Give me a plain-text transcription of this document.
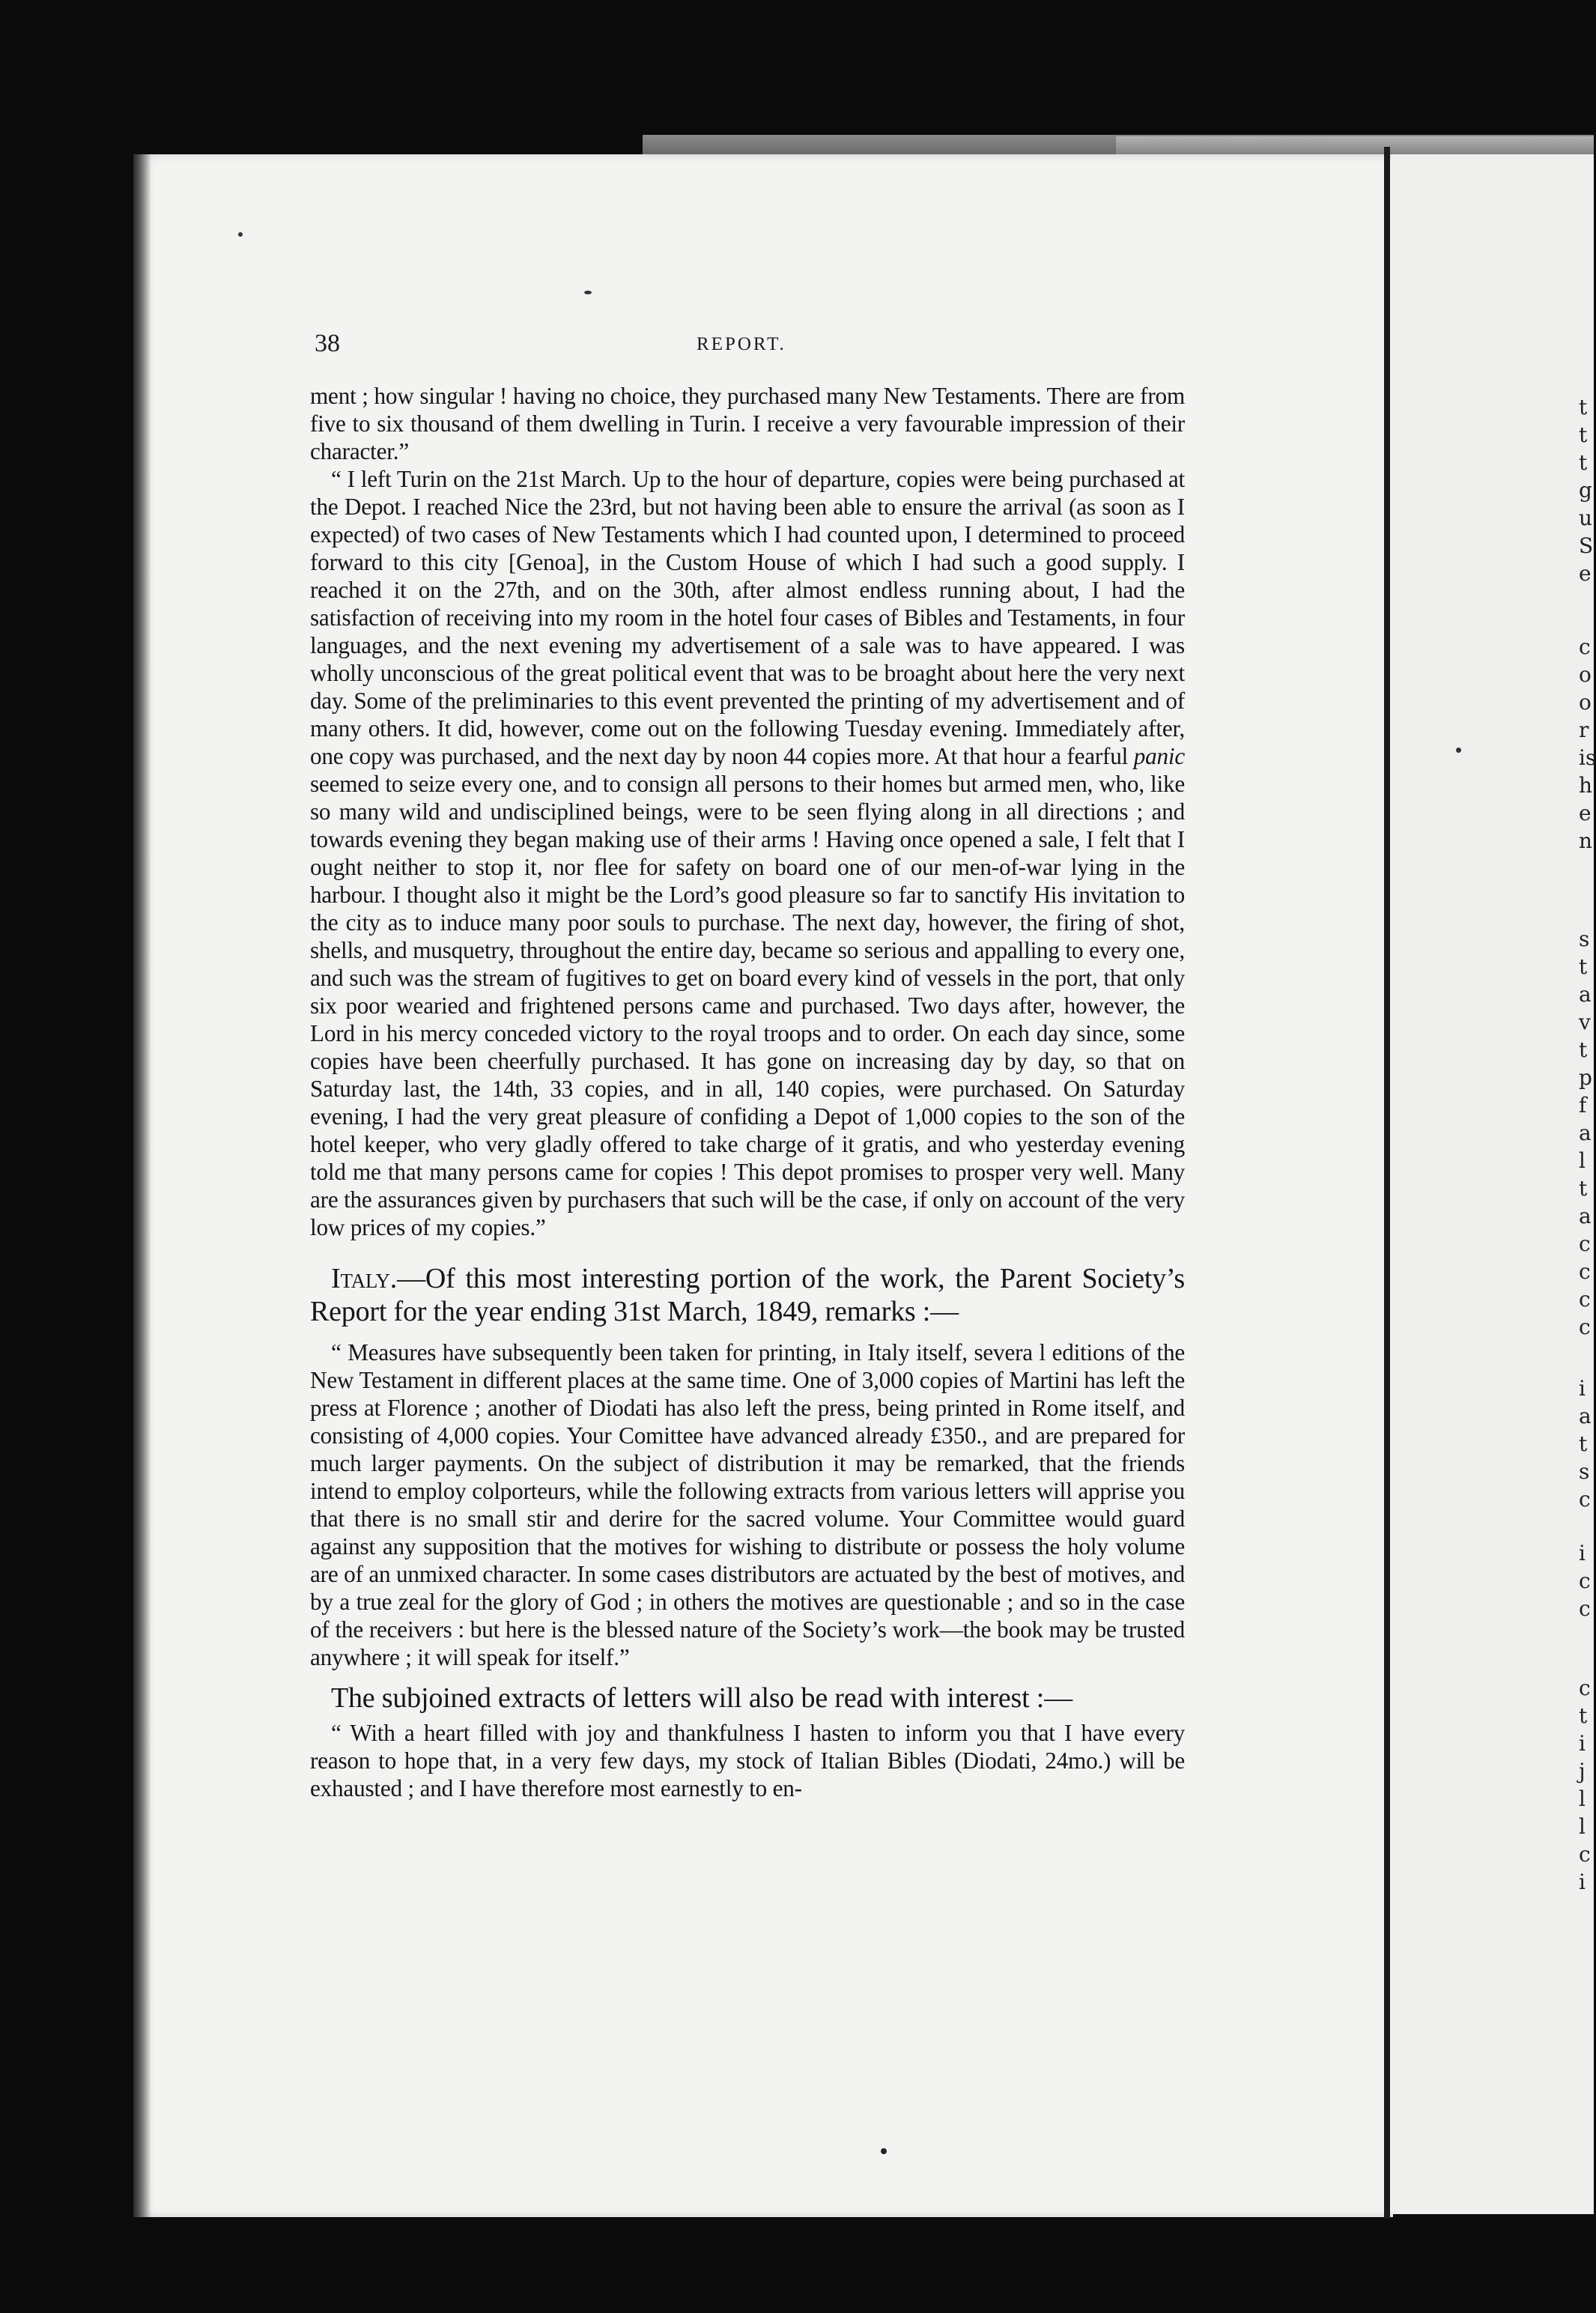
t
t
t
g
u
S
e
c
o
o
r
is
h
e
n
s
t
a
v
t
p
f
a
l
t
a
c
c
c
c
i
a
t
s
c
i
c
c
c
t
i
j
l
l
c
i
38	REPORT.

ment ; how singular ! having no choice, they purchased many New Testaments. There are from five to six thousand of them dwelling in Turin. I receive a very favourable impression of their character.”

“ I left Turin on the 21st March. Up to the hour of departure, copies were being purchased at the Depot. I reached Nice the 23rd, but not having been able to ensure the arrival (as soon as I expected) of two cases of New Testaments which I had counted upon, I determined to proceed forward to this city [Genoa], in the Custom House of which I had such a good supply. I reached it on the 27th, and on the 30th, after almost endless running about, I had the satisfaction of receiving into my room in the hotel four cases of Bibles and Testaments, in four languages, and the next evening my advertisement of a sale was to have appeared. I was wholly unconscious of the great political event that was to be broaght about here the very next day. Some of the preliminaries to this event prevented the printing of my advertisement and of many others. It did, however, come out on the following Tuesday evening. Immediately after, one copy was purchased, and the next day by noon 44 copies more. At that hour a fearful panic seemed to seize every one, and to consign all persons to their homes but armed men, who, like so many wild and undisciplined beings, were to be seen flying along in all directions ; and towards evening they began making use of their arms ! Having once opened a sale, I felt that I ought neither to stop it, nor flee for safety on board one of our men-of-war lying in the harbour. I thought also it might be the Lord’s good pleasure so far to sanctify His invitation to the city as to induce many poor souls to purchase. The next day, however, the firing of shot, shells, and musquetry, throughout the entire day, became so serious and appalling to every one, and such was the stream of fugitives to get on board every kind of vessels in the port, that only six poor wearied and frightened persons came and purchased. Two days after, however, the Lord in his mercy conceded victory to the royal troops and to order. On each day since, some copies have been cheerfully purchased. It has gone on increasing day by day, so that on Saturday last, the 14th, 33 copies, and in all, 140 copies, were purchased. On Saturday evening, I had the very great pleasure of confiding a Depot of 1,000 copies to the son of the hotel keeper, who very gladly offered to take charge of it gratis, and who yesterday evening told me that many persons came for copies ! This depot promises to prosper very well. Many are the assurances given by purchasers that such will be the case, if only on account of the very low prices of my copies.”

Italy.—Of this most interesting portion of the work, the Parent Society’s Report for the year ending 31st March, 1849, remarks :—

“ Measures have subsequently been taken for printing, in Italy itself, severa l editions of the New Testament in different places at the same time. One of 3,000 copies of Martini has left the press at Florence ; another of Diodati has also left the press, being printed in Rome itself, and consisting of 4,000 copies. Your Comittee have advanced already £350., and are prepared for much larger payments. On the subject of distribution it may be remarked, that the friends intend to employ colporteurs, while the following extracts from various letters will apprise you that there is no small stir and derire for the sacred volume. Your Committee would guard against any supposition that the motives for wishing to distribute or possess the holy volume are of an unmixed character. In some cases distributors are actuated by the best of motives, and by a true zeal for the glory of God ; in others the motives are questionable ; and so in the case of the receivers : but here is the blessed nature of the Society’s work—the book may be trusted anywhere ; it will speak for itself.”

The subjoined extracts of letters will also be read with interest :—

“ With a heart filled with joy and thankfulness I hasten to inform you that I have every reason to hope that, in a very few days, my stock of Italian Bibles (Diodati, 24mo.) will be exhausted ; and I have therefore most earnestly to en-
